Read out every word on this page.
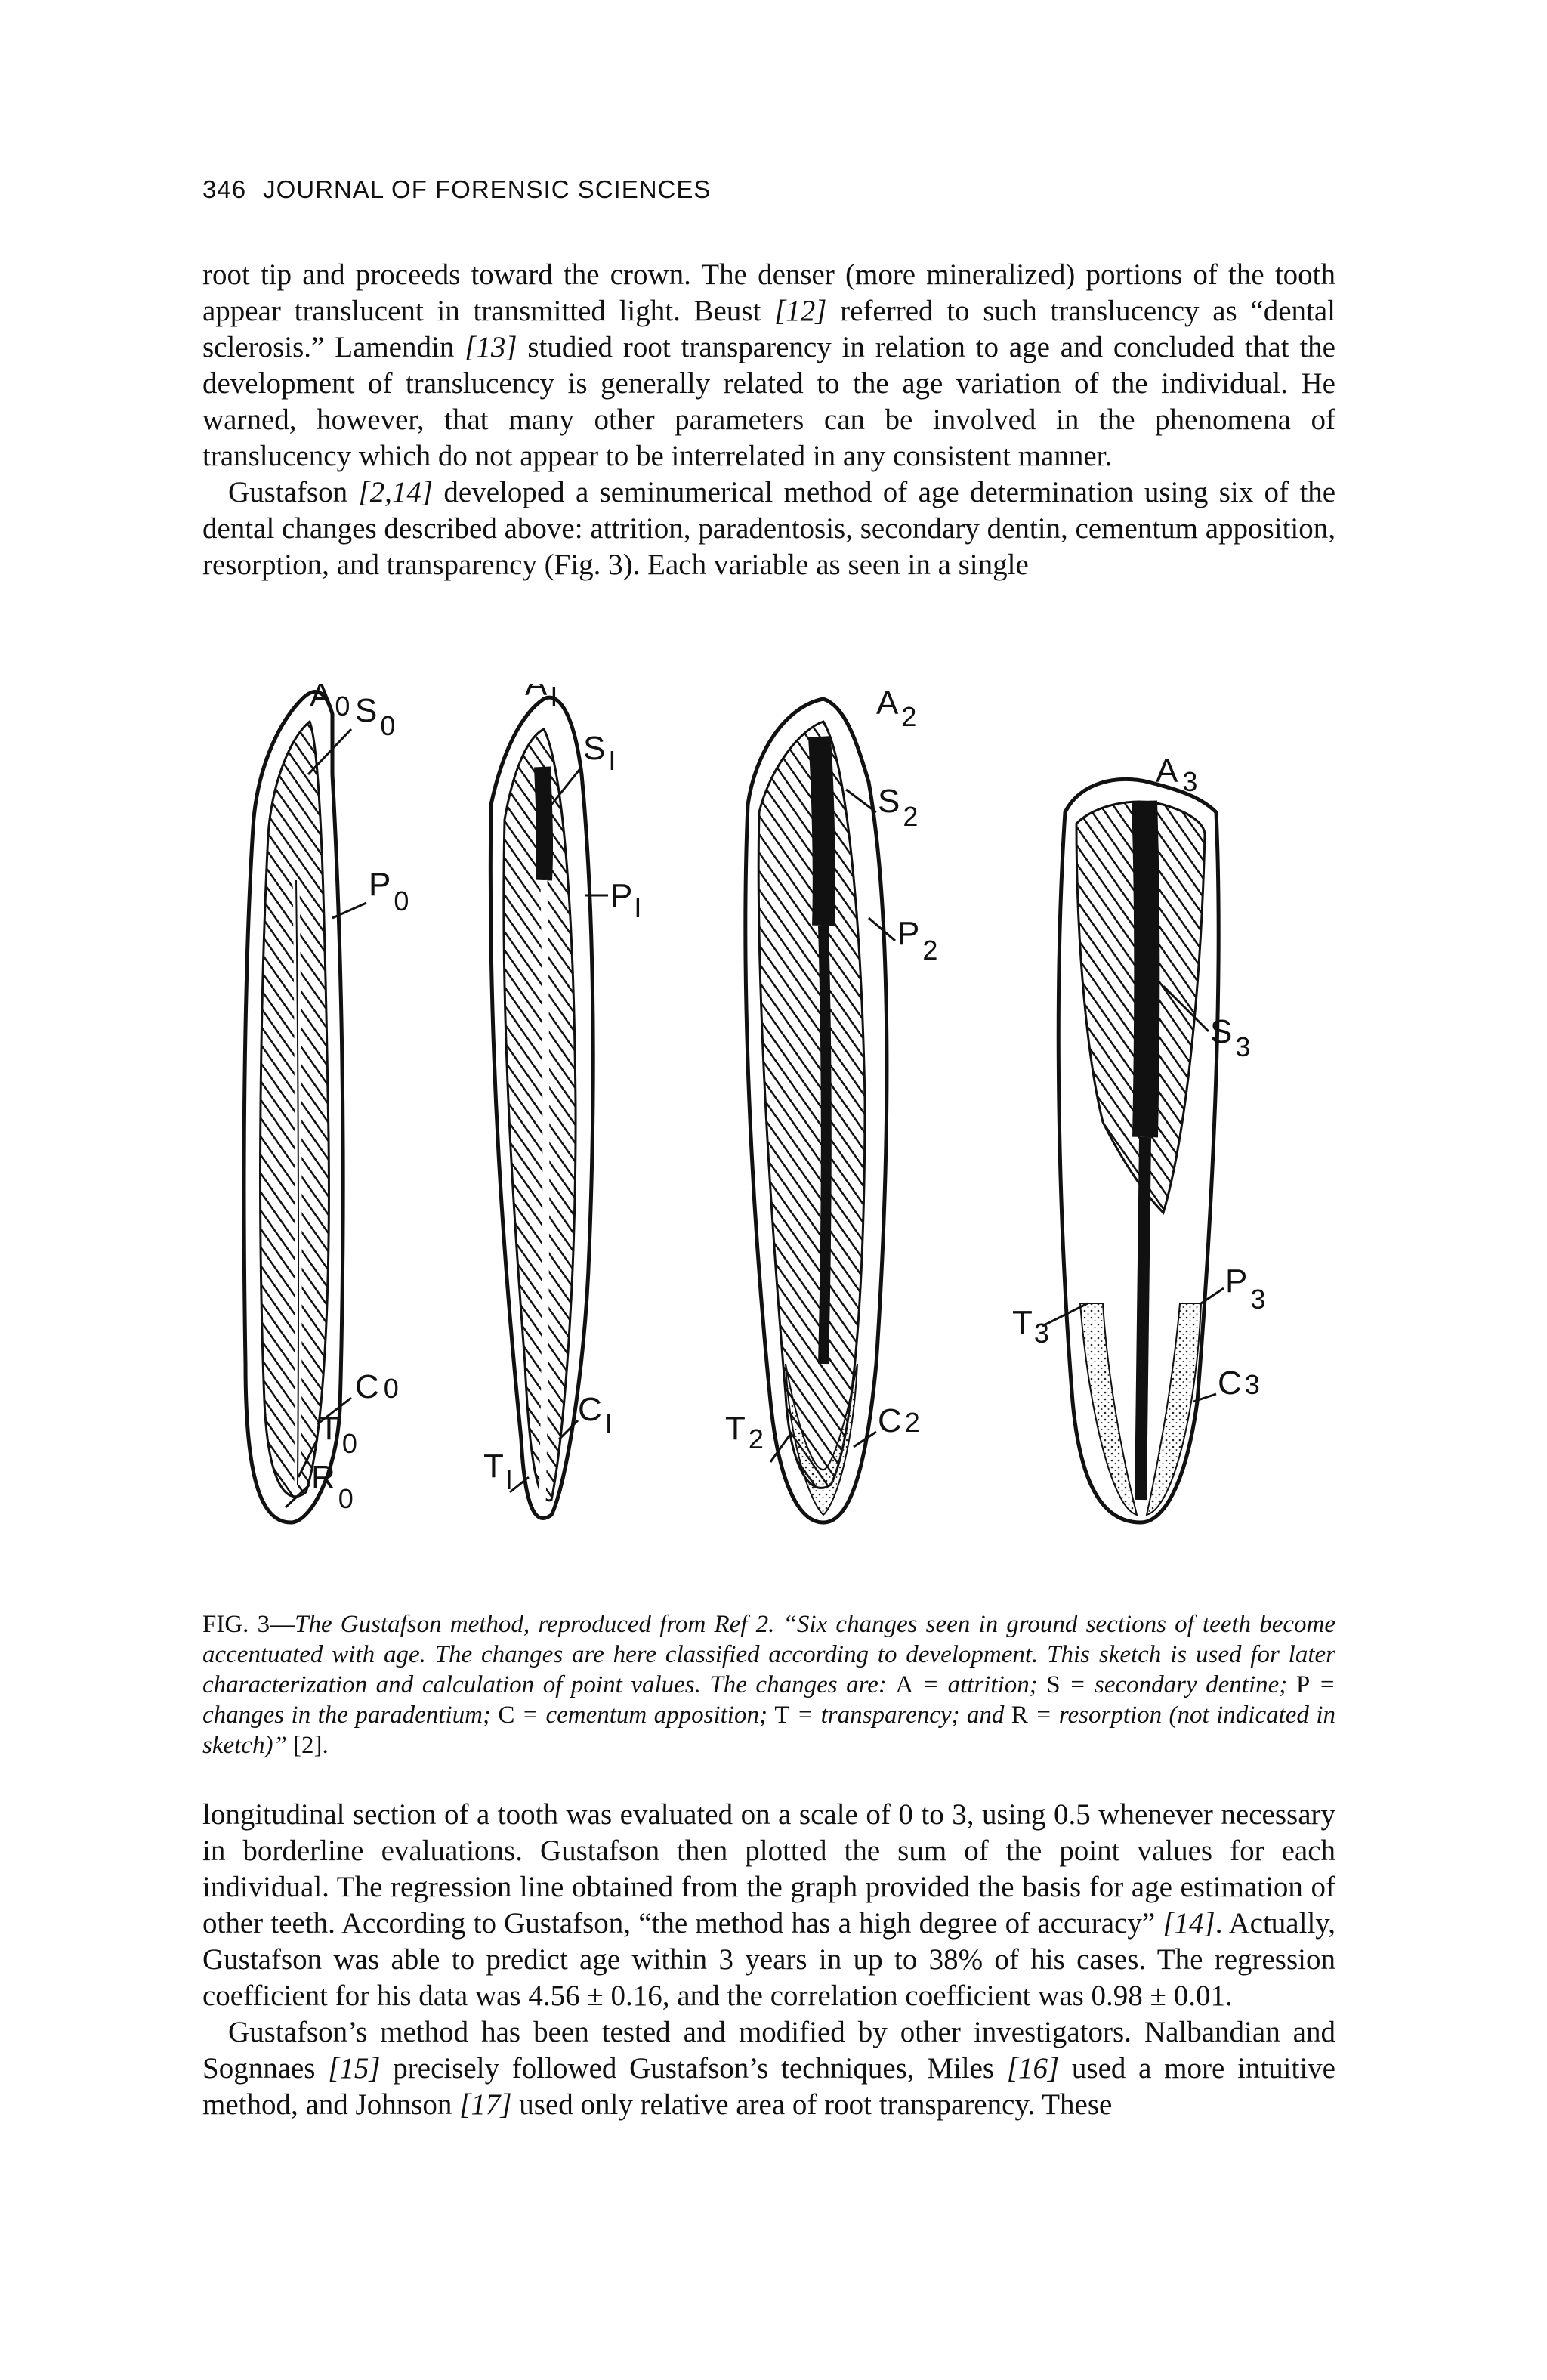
346 JOURNAL OF FORENSIC SCIENCES

root tip and proceeds toward the crown. The denser (more mineralized) portions of the tooth appear translucent in transmitted light. Beust [12] referred to such translucency as “dental sclerosis.” Lamendin [13] studied root transparency in relation to age and concluded that the development of translucency is generally related to the age variation of the individual. He warned, however, that many other parameters can be involved in the phenomena of translucency which do not appear to be interrelated in any consistent manner.

Gustafson [2,14] developed a seminumerical method of age determination using six of the dental changes described above: attrition, paradentosis, secondary dentin, cementum apposition, resorption, and transparency (Fig. 3). Each variable as seen in a single

A $_0$ S $_0$
P $_0$
C 0
T $_0$
$R_0$
A $_I$
S $_I$
$P_I$
C $_I$
$T_I$
A $_2$
S $_2$
P $_2$
C 2
T $_2$
A $_3$
S $_3$
P $_3$
C 3
$T_3$
FIG. 3—The Gustafson method, reproduced from Ref 2. “Six changes seen in ground sections of teeth become accentuated with age. The changes are here classified according to development. This sketch is used for later characterization and calculation of point values. The changes are: A = attrition; S = secondary dentine; P = changes in the paradentium; C = cementum apposition; T = transparency; and R = resorption (not indicated in sketch)” [2].

longitudinal section of a tooth was evaluated on a scale of 0 to 3, using 0.5 whenever necessary in borderline evaluations. Gustafson then plotted the sum of the point values for each individual. The regression line obtained from the graph provided the basis for age estimation of other teeth. According to Gustafson, “the method has a high degree of accuracy” [14]. Actually, Gustafson was able to predict age within 3 years in up to 38% of his cases. The regression coefficient for his data was 4.56 ± 0.16, and the correlation coefficient was 0.98 ± 0.01.

Gustafson’s method has been tested and modified by other investigators. Nalbandian and Sognnaes [15] precisely followed Gustafson’s techniques, Miles [16] used a more intuitive method, and Johnson [17] used only relative area of root transparency. These
